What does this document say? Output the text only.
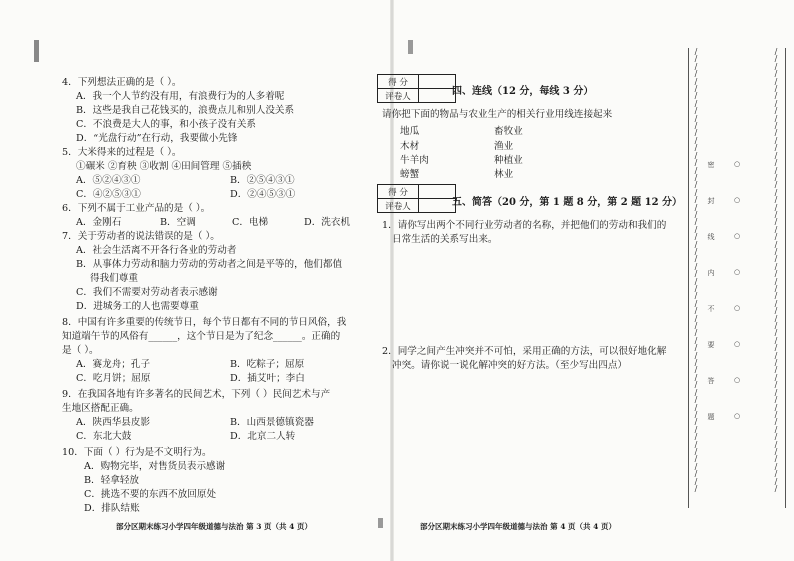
4．下列想法正确的是（ ）。
A．我一个人节约没有用，有浪费行为的人多着呢
B．这些是我自己花钱买的，浪费点儿和别人没关系
C．不浪费是大人的事，和小孩子没有关系
D．“光盘行动”在行动，我要做小先锋
5．大米得来的过程是（ ）。
①碾米 ②育秧 ③收割 ④田间管理 ⑤插秧
A．⑤②④③①	B．②⑤④③①
C．④②⑤③①	D．②④⑤③①
6．下列不属于工业产品的是（ ）。
A．金刚石	B．空调	C．电梯	D．洗衣机
7．关于劳动者的说法错误的是（ ）。
A．社会生活离不开各行各业的劳动者
B．从事体力劳动和脑力劳动的劳动者之间是平等的，他们都值
得我们尊重
C．我们不需要对劳动者表示感谢
D．进城务工的人也需要尊重
8．中国有许多重要的传统节日，每个节日都有不同的节日风俗，我
知道端午节的风俗有______，这个节日是为了纪念______。正确的
是（ ）。
A．赛龙舟；孔子	B．吃粽子；屈原
C．吃月饼；屈原	D．插艾叶；李白
9．在我国各地有许多著名的民间艺术，下列（ ）民间艺术与产
生地区搭配正确。
A．陕西华县皮影	B．山西景德镇瓷器
C．东北大鼓	D．北京二人转
10．下面（ ）行为是不文明行为。
A．购物完毕，对售货员表示感谢
B．轻拿轻放
C．挑选不要的东西不放回原处
D．排队结账
部分区期末练习小学四年级道德与法治 第 3 页（共 4 页）
得 分	
评卷人		四、连线（12 分，每线 3 分）
请你把下面的物品与农业生产的相关行业用线连接起来
地瓜
木材
牛羊肉
螃蟹
畜牧业
渔业
种植业
林业
得 分	
评卷人		五、简答（20 分，第 1 题 8 分，第 2 题 12 分）
1．请你写出两个不同行业劳动者的名称，并把他们的劳动和我们的
日常生活的关系写出来。
2．同学之间产生冲突并不可怕，采用正确的方法，可以很好地化解
冲突。请你说一说化解冲突的好方法。（至少写出四点）
部分区期末练习小学四年级道德与法治 第 4 页（共 4 页）
/
/
/
/
/
/
/
/
/
/
/
/
/
/
/
/
/
/
/
/
/
/
/
/
/
/
/
/
/
/
/
/
/
/
/
/
/
/
/
/
/
/
/
/
/
/
/
/
/
/
/
/
/
/
/
/
/
/
/
/

/
/
/
/
/
/
/
/
/
/
/
/
/
/
/
/
/
/
/
/
/
/
/
/
/
/
/
/
/
/
/
/
/
/
/
/
/
/
/
/
/
/
/
/
/
/
/
/
/
/
/
/
/
/
/
/
/
/
/
/

密	○
封	○
线	○
内	○
不	○
要	○
答	○
题	○
